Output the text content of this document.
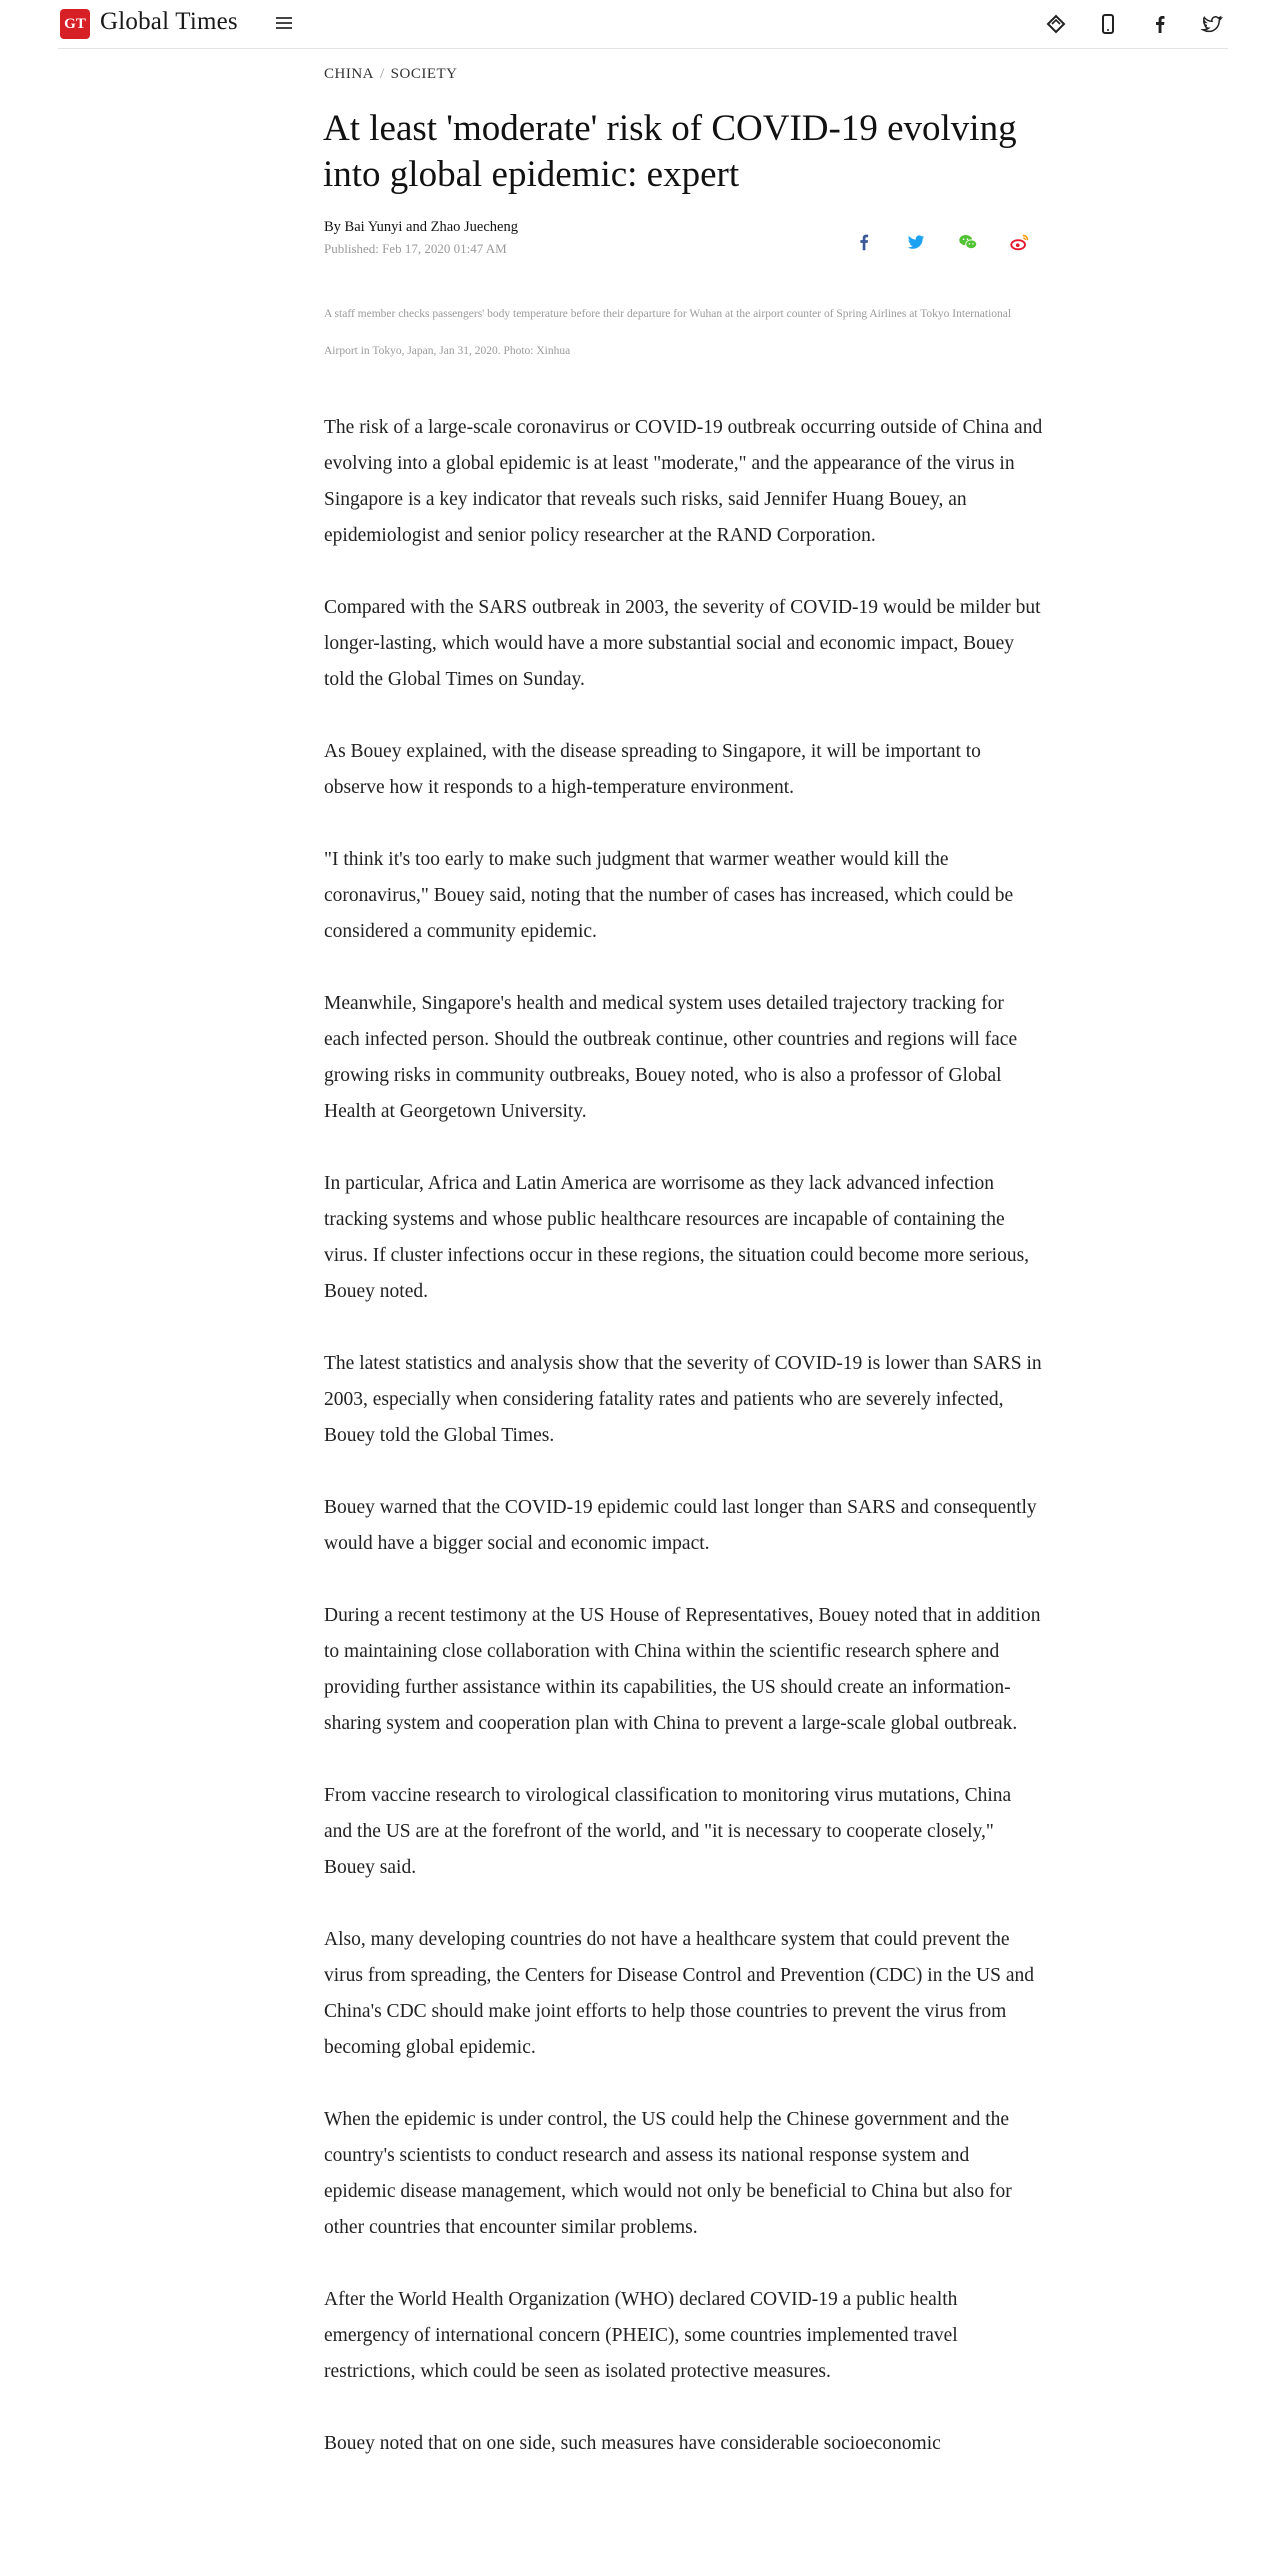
GT Global Times
CHINA / SOCIETY
At least 'moderate' risk of COVID-19 evolving into global epidemic: expert
By Bai Yunyi and Zhao Juecheng
Published: Feb 17, 2020 01:47 AM
A staff member checks passengers' body temperature before their departure for Wuhan at the airport counter of Spring Airlines at Tokyo International Airport in Tokyo, Japan, Jan 31, 2020. Photo: Xinhua

The risk of a large-scale coronavirus or COVID-19 outbreak occurring outside of China and evolving into a global epidemic is at least "moderate," and the appearance of the virus in Singapore is a key indicator that reveals such risks, said Jennifer Huang Bouey, an epidemiologist and senior policy researcher at the RAND Corporation.

Compared with the SARS outbreak in 2003, the severity of COVID-19 would be milder but longer-lasting, which would have a more substantial social and economic impact, Bouey told the Global Times on Sunday.

As Bouey explained, with the disease spreading to Singapore, it will be important to observe how it responds to a high-temperature environment.

"I think it's too early to make such judgment that warmer weather would kill the coronavirus," Bouey said, noting that the number of cases has increased, which could be considered a community epidemic.

Meanwhile, Singapore's health and medical system uses detailed trajectory tracking for each infected person. Should the outbreak continue, other countries and regions will face growing risks in community outbreaks, Bouey noted, who is also a professor of Global Health at Georgetown University.

In particular, Africa and Latin America are worrisome as they lack advanced infection tracking systems and whose public healthcare resources are incapable of containing the virus. If cluster infections occur in these regions, the situation could become more serious, Bouey noted.

The latest statistics and analysis show that the severity of COVID-19 is lower than SARS in 2003, especially when considering fatality rates and patients who are severely infected, Bouey told the Global Times.

Bouey warned that the COVID-19 epidemic could last longer than SARS and consequently would have a bigger social and economic impact.

During a recent testimony at the US House of Representatives, Bouey noted that in addition to maintaining close collaboration with China within the scientific research sphere and providing further assistance within its capabilities, the US should create an information-sharing system and cooperation plan with China to prevent a large-scale global outbreak.

From vaccine research to virological classification to monitoring virus mutations, China and the US are at the forefront of the world, and "it is necessary to cooperate closely," Bouey said.

Also, many developing countries do not have a healthcare system that could prevent the virus from spreading, the Centers for Disease Control and Prevention (CDC) in the US and China's CDC should make joint efforts to help those countries to prevent the virus from becoming global epidemic.

When the epidemic is under control, the US could help the Chinese government and the country's scientists to conduct research and assess its national response system and epidemic disease management, which would not only be beneficial to China but also for other countries that encounter similar problems.

After the World Health Organization (WHO) declared COVID-19 a public health emergency of international concern (PHEIC), some countries implemented travel restrictions, which could be seen as isolated protective measures.

Bouey noted that on one side, such measures have considerable socioeconomic
